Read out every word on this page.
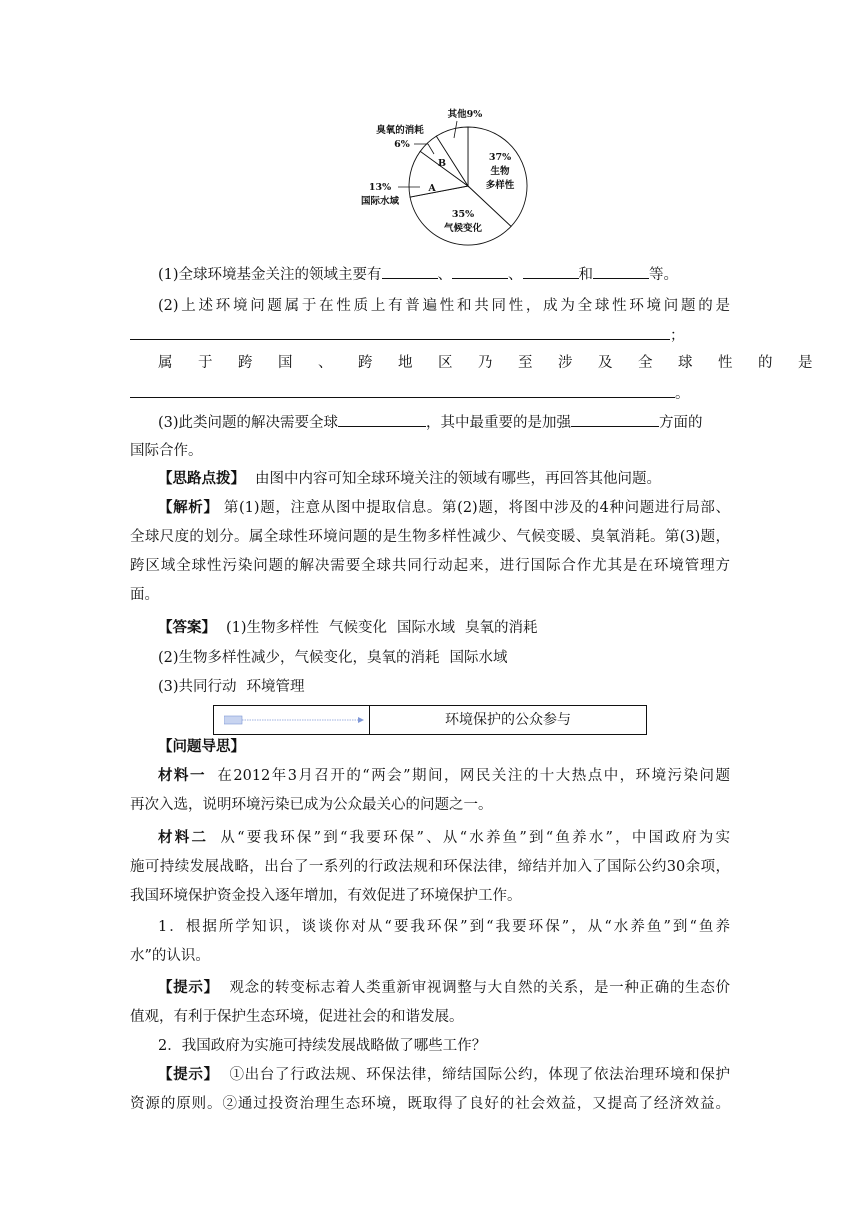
37%
生物
多样性
35%
气候变化
A
B
13%
国际水域
臭氧的消耗
6%
其他9%
(1)全球环境基金关注的领域主要有	、	、	和	等。
(2)上述环境问题属于在性质上有普遍性和共同性，成为全球性环境问题的是
；
属于跨国、跨地区乃至涉及全球性的是
。
(3)此类问题的解决需要全球	，其中最重要的是加强	方面的
国际合作。
【思路点拨】 由图中内容可知全球环境关注的领域有哪些，再回答其他问题。
【解析】 第(1)题，注意从图中提取信息。第(2)题，将图中涉及的4种问题进行局部、
全球尺度的划分。属全球性环境问题的是生物多样性减少、气候变暖、臭氧消耗。第(3)题，
跨区域全球性污染问题的解决需要全球共同行动起来，进行国际合作尤其是在环境管理方
面。
【答案】 (1)生物多样性 气候变化 国际水域 臭氧的消耗
(2)生物多样性减少，气候变化，臭氧的消耗 国际水域
(3)共同行动 环境管理
环境保护的公众参与
【问题导思】
材料一 在2012年3月召开的“两会”期间，网民关注的十大热点中，环境污染问题
再次入选，说明环境污染已成为公众最关心的问题之一。
材料二 从“要我环保”到“我要环保”、从“水养鱼”到“鱼养水”，中国政府为实
施可持续发展战略，出台了一系列的行政法规和环保法律，缔结并加入了国际公约30余项，
我国环境保护资金投入逐年增加，有效促进了环境保护工作。
1．根据所学知识，谈谈你对从“要我环保”到“我要环保”，从“水养鱼”到“鱼养
水”的认识。
【提示】 观念的转变标志着人类重新审视调整与大自然的关系，是一种正确的生态价
值观，有利于保护生态环境，促进社会的和谐发展。
2．我国政府为实施可持续发展战略做了哪些工作？
【提示】 ①出台了行政法规、环保法律，缔结国际公约，体现了依法治理环境和保护
资源的原则。②通过投资治理生态环境，既取得了良好的社会效益，又提高了经济效益。
